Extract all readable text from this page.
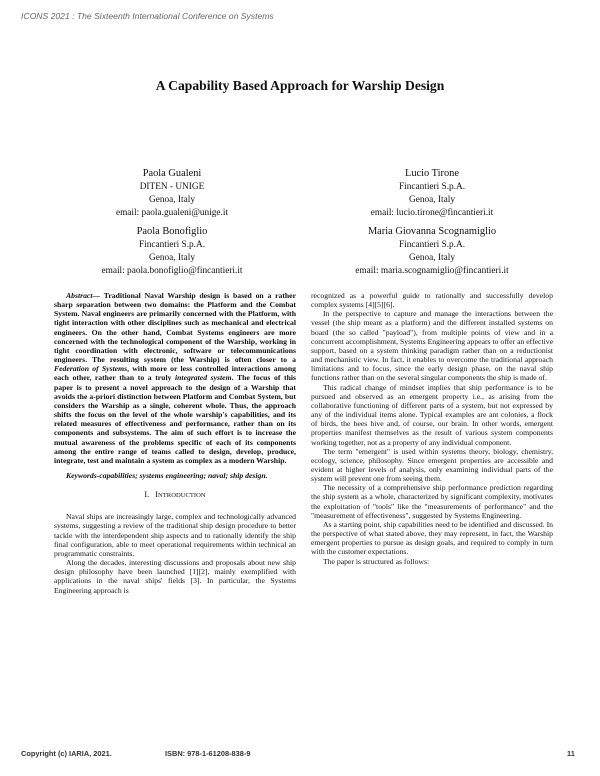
ICONS 2021 : The Sixteenth International Conference on Systems
A Capability Based Approach for Warship Design
Paola Gualeni
DITEN - UNIGE
Genoa, Italy
email: paola.gualeni@unige.it
Lucio Tirone
Fincantieri S.p.A.
Genoa, Italy
email: lucio.tirone@fincantieri.it
Paola Bonofiglio
Fincantieri S.p.A.
Genoa, Italy
email: paola.bonofiglio@fincantieri.it
Maria Giovanna Scognamiglio
Fincantieri S.p.A.
Genoa, Italy
email: maria.scognamiglio@fincantieri.it

Abstract— Traditional Naval Warship design is based on a rather sharp separation between two domains: the Platform and the Combat System. Naval engineers are primarily concerned with the Platform, with tight interaction with other disciplines such as mechanical and electrical engineers. On the other hand, Combat Systems engineers are more concerned with the technological component of the Warship, working in tight coordination with electronic, software or telecommunications engineers. The resulting system (the Warship) is often closer to a Federation of Systems, with more or less controlled interactions among each other, rather than to a truly integrated system. The focus of this paper is to present a novel approach to the design of a Warship that avoids the a-priori distinction between Platform and Combat System, but considers the Warship as a single, coherent whole. Thus, the approach shifts the focus on the level of the whole warship's capabilities, and its related measures of effectiveness and performance, rather than on its components and subsystems. The aim of such effort is to increase the mutual awareness of the problems specific of each of its components among the entire range of teams called to design, develop, produce, integrate, test and maintain a system as complex as a modern Warship.

Keywords-capabilities; systems engineering; naval; ship design.

I. INTRODUCTION

Naval ships are increasingly large, complex and technologically advanced systems, suggesting a review of the traditional ship design procedure to better tackle with the interdependent ship aspects and to rationally identify the ship final configuration, able to meet operational requirements within technical an programmatic constraints.

Along the decades, interesting discussions and proposals about new ship design philosophy have been launched [1][2], mainly exemplified with applications in the naval ships' fields [3]. In particular, the Systems Engineering approach is

recognized as a powerful guide to rationally and successfully develop complex systems [4][5][6].

In the perspective to capture and manage the interactions between the vessel (the ship meant as a platform) and the different installed systems on board (the so called "payload"), from multiple points of view and in a concurrent accomplishment, Systems Engineering appears to offer an effective support, based on a system thinking paradigm rather than on a reductionist and mechanistic view. In fact, it enables to overcome the traditional approach limitations and to focus, since the early design phase, on the naval ship functions rather than on the several singular components the ship is made of.

This radical change of mindset implies that ship performance is to be pursued and observed as an emergent property i.e., as arising from the collaborative functioning of different parts of a system, but not expressed by any of the individual items alone. Typical examples are ant colonies, a flock of birds, the bees hive and, of course, our brain. In other words, emergent properties manifest themselves as the result of various system components working together, not as a property of any individual component.

The term "emergent" is used within systems theory, biology, chemistry, ecology, science, philosophy. Since emergent properties are accessible and evident at higher levels of analysis, only examining individual parts of the system will prevent one from seeing them.

The necessity of a comprehensive ship performance prediction regarding the ship system as a whole, characterized by significant complexity, motivates the exploitation of "tools" like the "measurements of performance" and the "measurement of effectiveness", suggested by Systems Engineering.

As a starting point, ship capabilities need to be identified and discussed. In the perspective of what stated above, they may represent, in fact, the Warship emergent properties to pursue as design goals, and required to comply in turn with the customer expectations.

The paper is structured as follows:

Copyright (c) IARIA, 2021.	ISBN: 978-1-61208-838-9	11
